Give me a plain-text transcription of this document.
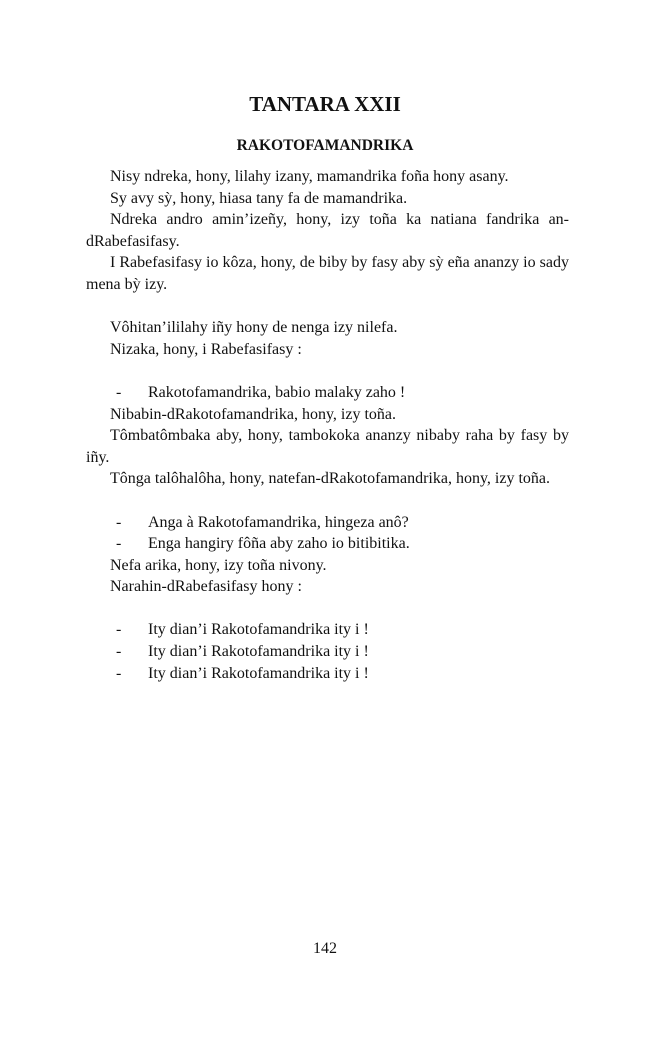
TANTARA XXII
RAKOTOFAMANDRIKA

Nisy ndreka, hony, lilahy izany, mamandrika foña hony asany.

Sy avy sỳ, hony, hiasa tany fa de mamandrika.

Ndreka andro amin’izeñy, hony, izy toña ka natiana fandrika an-dRabefasifasy.

I Rabefasifasy io kôza, hony, de biby by fasy aby sỳ eña ananzy io sady mena bỳ izy.

Vôhitan’ililahy iñy hony de nenga izy nilefa.

Nizaka, hony, i Rabefasifasy :

- Rakotofamandrika, babio malaky zaho !

Nibabin-dRakotofamandrika, hony, izy toña.

Tômbatômbaka aby, hony, tambokoka ananzy nibaby raha by fasy by iñy.

Tônga talôhalôha, hony, natefan-dRakotofamandrika, hony, izy toña.

- Anga à Rakotofamandrika, hingeza anô?

- Enga hangiry fôña aby zaho io bitibitika.

Nefa arika, hony, izy toña nivony.

Narahin-dRabefasifasy hony :

- Ity dian’i Rakotofamandrika ity i !

- Ity dian’i Rakotofamandrika ity i !

- Ity dian’i Rakotofamandrika ity i !

142
